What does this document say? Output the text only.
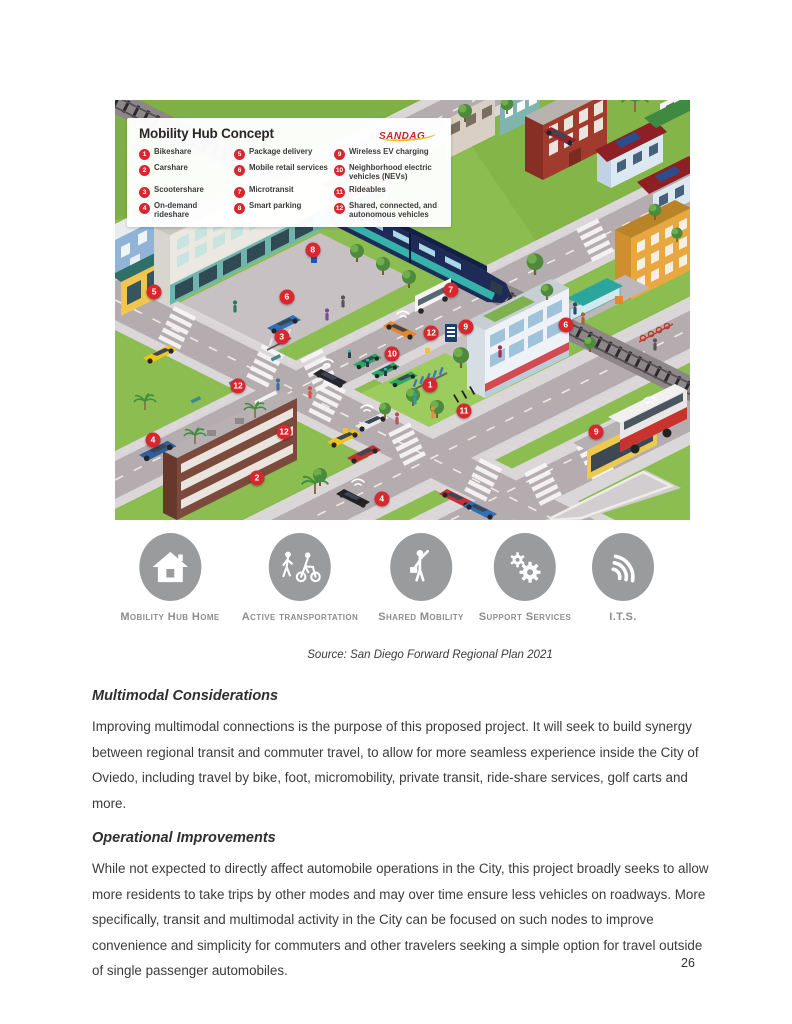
8
5
6
3
7
6
9
12
10
1
11
12
12
4
2
4
9
Mobility Hub Concept	SANDAG
1 Bikeshare
2 Carshare
3 Scootershare
4 On-demand rideshare
5 Package delivery
6 Mobile retail services
7 Microtransit
8 Smart parking
9 Wireless EV charging
10 Neighborhood electric vehicles (NEVs)
11 Rideables
12 Shared, connected, and autonomous vehicles
Mobility Hub Home Active transportation Shared Mobility Support Services	I.T.S.
Source: San Diego Forward Regional Plan 2021
Multimodal Considerations

Improving multimodal connections is the purpose of this proposed project. It will seek to build synergy between regional transit and commuter travel, to allow for more seamless experience inside the City of Oviedo, including travel by bike, foot, micromobility, private transit, ride-share services, golf carts and more.

Operational Improvements

While not expected to directly affect automobile operations in the City, this project broadly seeks to allow more residents to take trips by other modes and may over time ensure less vehicles on roadways. More specifically, transit and multimodal activity in the City can be focused on such nodes to improve convenience and simplicity for commuters and other travelers seeking a simple option for travel outside of single passenger automobiles.	26
